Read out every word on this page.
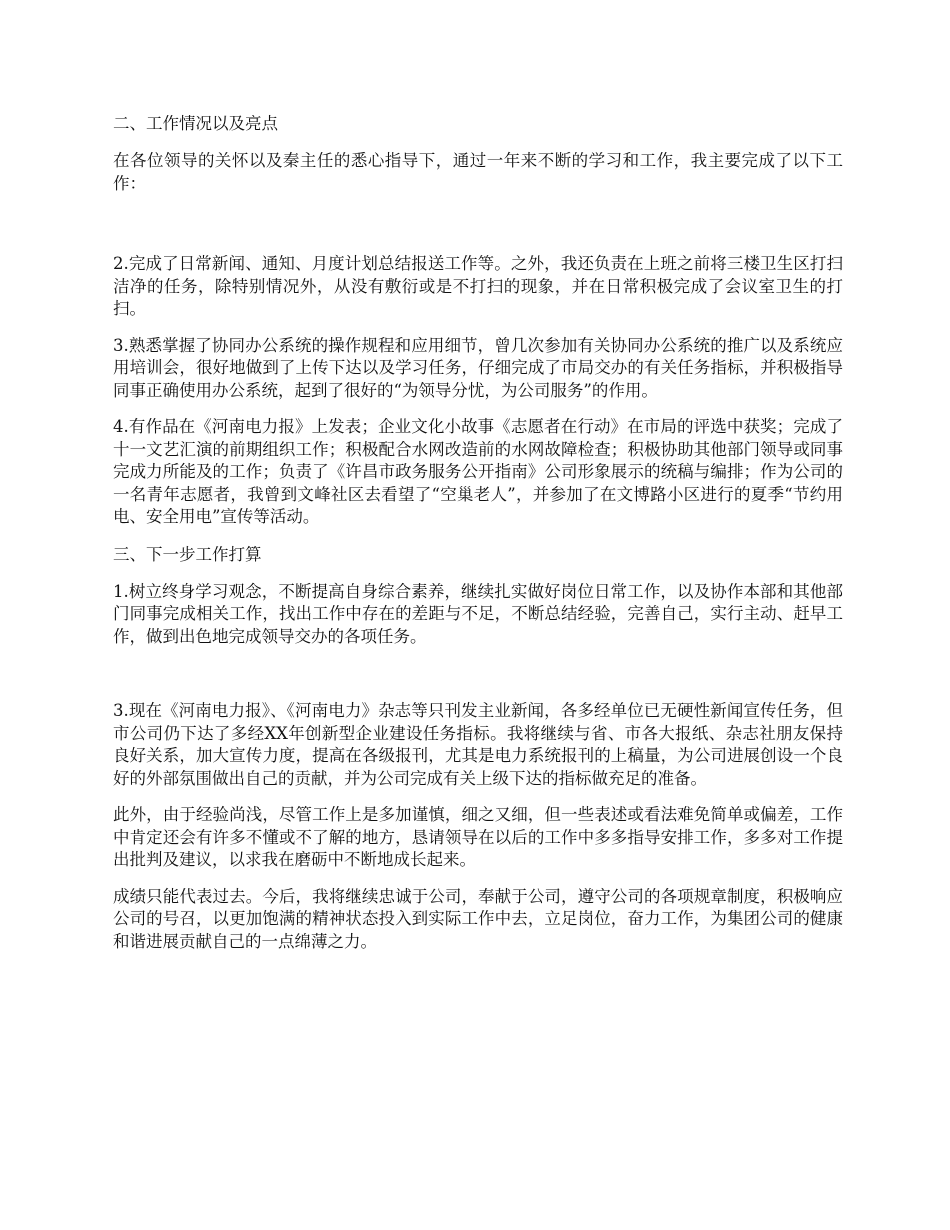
二、工作情况以及亮点
在各位领导的关怀以及秦主任的悉心指导下，通过一年来不断的学习和工作，我主要完成了以下工作：
2.完成了日常新闻、通知、月度计划总结报送工作等。之外，我还负责在上班之前将三楼卫生区打扫洁净的任务，除特别情况外，从没有敷衍或是不打扫的现象，并在日常积极完成了会议室卫生的打扫。
3.熟悉掌握了协同办公系统的操作规程和应用细节，曾几次参加有关协同办公系统的推广以及系统应用培训会，很好地做到了上传下达以及学习任务，仔细完成了市局交办的有关任务指标，并积极指导同事正确使用办公系统，起到了很好的“为领导分忧，为公司服务”的作用。
4.有作品在《河南电力报》上发表；企业文化小故事《志愿者在行动》在市局的评选中获奖；完成了十一文艺汇演的前期组织工作；积极配合水网改造前的水网故障检查；积极协助其他部门领导或同事完成力所能及的工作；负责了《许昌市政务服务公开指南》公司形象展示的统稿与编排；作为公司的一名青年志愿者，我曾到文峰社区去看望了“空巢老人”，并参加了在文博路小区进行的夏季“节约用电、安全用电”宣传等活动。
三、下一步工作打算
1.树立终身学习观念，不断提高自身综合素养，继续扎实做好岗位日常工作，以及协作本部和其他部门同事完成相关工作，找出工作中存在的差距与不足，不断总结经验，完善自己，实行主动、赶早工作，做到出色地完成领导交办的各项任务。
3.现在《河南电力报》、《河南电力》杂志等只刊发主业新闻，各多经单位已无硬性新闻宣传任务，但市公司仍下达了多经XX年创新型企业建设任务指标。我将继续与省、市各大报纸、杂志社朋友保持良好关系，加大宣传力度，提高在各级报刊，尤其是电力系统报刊的上稿量，为公司进展创设一个良好的外部氛围做出自己的贡献，并为公司完成有关上级下达的指标做充足的准备。
此外，由于经验尚浅，尽管工作上是多加谨慎，细之又细，但一些表述或看法难免简单或偏差，工作中肯定还会有许多不懂或不了解的地方，恳请领导在以后的工作中多多指导安排工作，多多对工作提出批判及建议，以求我在磨砺中不断地成长起来。
成绩只能代表过去。今后，我将继续忠诚于公司，奉献于公司，遵守公司的各项规章制度，积极响应公司的号召，以更加饱满的精神状态投入到实际工作中去，立足岗位，奋力工作，为集团公司的健康和谐进展贡献自己的一点绵薄之力。
